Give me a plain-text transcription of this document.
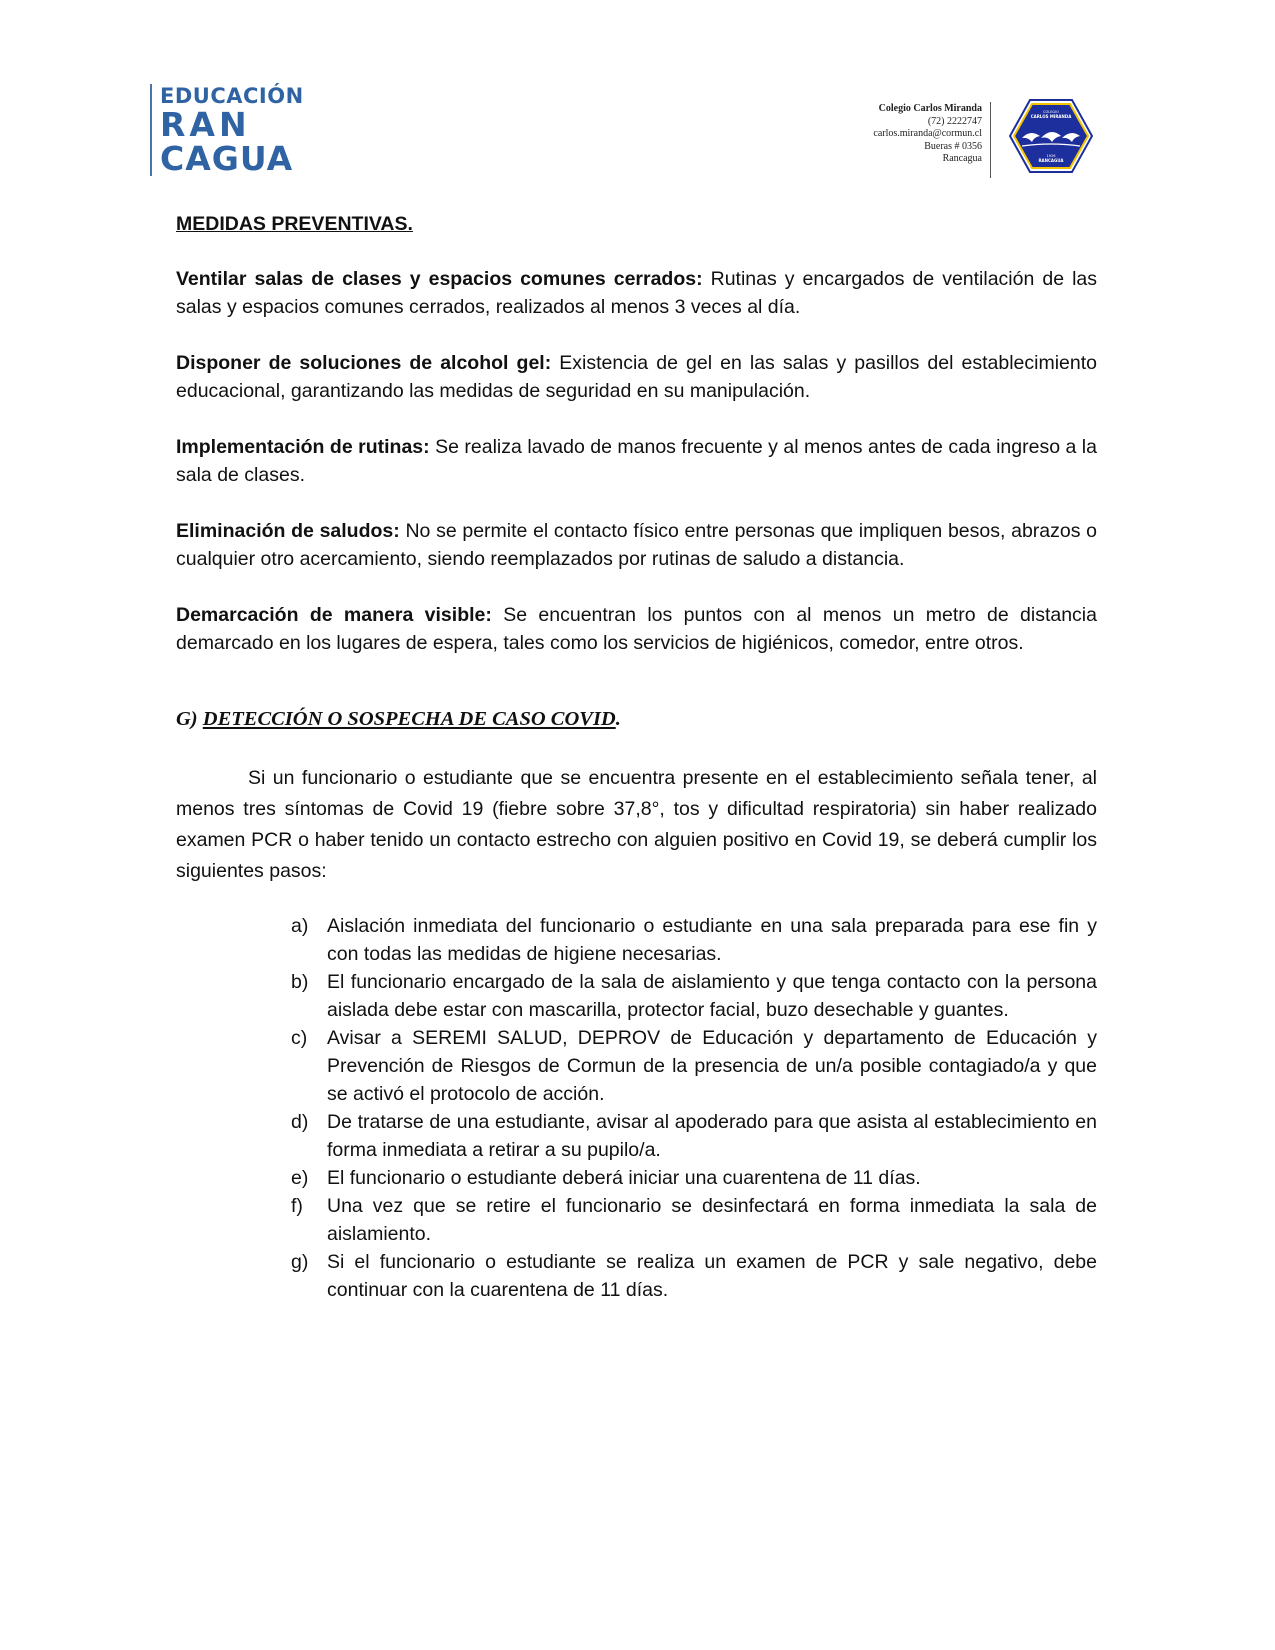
EDUCACIÓN
RAN
CAGUA
Colegio Carlos Miranda
(72) 2222747
carlos.miranda@cormun.cl
Bueras # 0356
Rancagua
COLEGIO
CARLOS MIRANDA
1926
RANCAGUA

MEDIDAS PREVENTIVAS.

Ventilar salas de clases y espacios comunes cerrados: Rutinas y encargados de ventilación de las salas y espacios comunes cerrados, realizados al menos 3 veces al día.

Disponer de soluciones de alcohol gel: Existencia de gel en las salas y pasillos del establecimiento educacional, garantizando las medidas de seguridad en su manipulación.

Implementación de rutinas: Se realiza lavado de manos frecuente y al menos antes de cada ingreso a la sala de clases.

Eliminación de saludos: No se permite el contacto físico entre personas que impliquen besos, abrazos o cualquier otro acercamiento, siendo reemplazados por rutinas de saludo a distancia.

Demarcación de manera visible: Se encuentran los puntos con al menos un metro de distancia demarcado en los lugares de espera, tales como los servicios de higiénicos, comedor, entre otros.

G) DETECCIÓN O SOSPECHA DE CASO COVID.

Si un funcionario o estudiante que se encuentra presente en el establecimiento señala tener, al menos tres síntomas de Covid 19 (fiebre sobre 37,8°, tos y dificultad respiratoria) sin haber realizado examen PCR o haber tenido un contacto estrecho con alguien positivo en Covid 19, se deberá cumplir los siguientes pasos:

a) Aislación inmediata del funcionario o estudiante en una sala preparada para ese fin y con todas las medidas de higiene necesarias.
b) El funcionario encargado de la sala de aislamiento y que tenga contacto con la persona aislada debe estar con mascarilla, protector facial, buzo desechable y guantes.
c) Avisar a SEREMI SALUD, DEPROV de Educación y departamento de Educación y Prevención de Riesgos de Cormun de la presencia de un/a posible contagiado/a y que se activó el protocolo de acción.
d) De tratarse de una estudiante, avisar al apoderado para que asista al establecimiento en forma inmediata a retirar a su pupilo/a.
e) El funcionario o estudiante deberá iniciar una cuarentena de 11 días.
f) Una vez que se retire el funcionario se desinfectará en forma inmediata la sala de aislamiento.
g) Si el funcionario o estudiante se realiza un examen de PCR y sale negativo, debe continuar con la cuarentena de 11 días.
